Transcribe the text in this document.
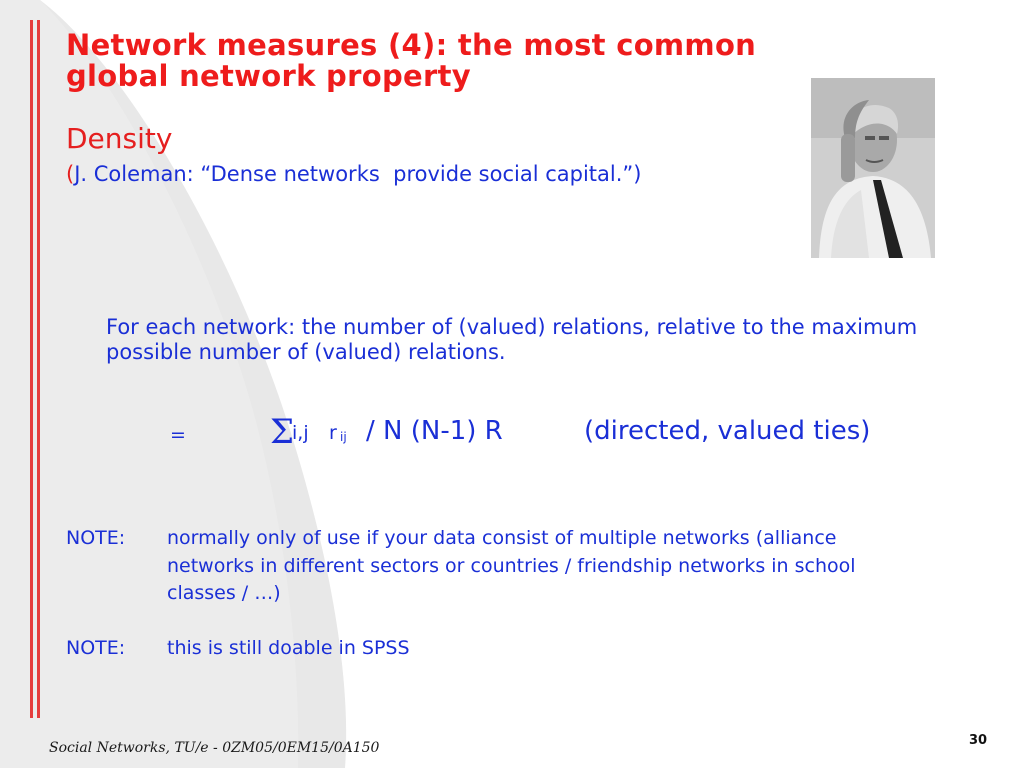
Network measures (4): the most common
global network property
Density
(J. Coleman: “Dense networks  provide social capital.”)
For each network: the number of (valued) relations, relative to the maximum possible number of (valued) relations.
= Σ
i,j r ij / N (N-1) R	(directed, valued ties)
NOTE: normally only of use if your data consist of multiple networks (alliance networks in different sectors or countries / friendship networks in school classes / …)
NOTE: this is still doable in SPSS
Social Networks, TU/e - 0ZM05/0EM15/0A150	30
